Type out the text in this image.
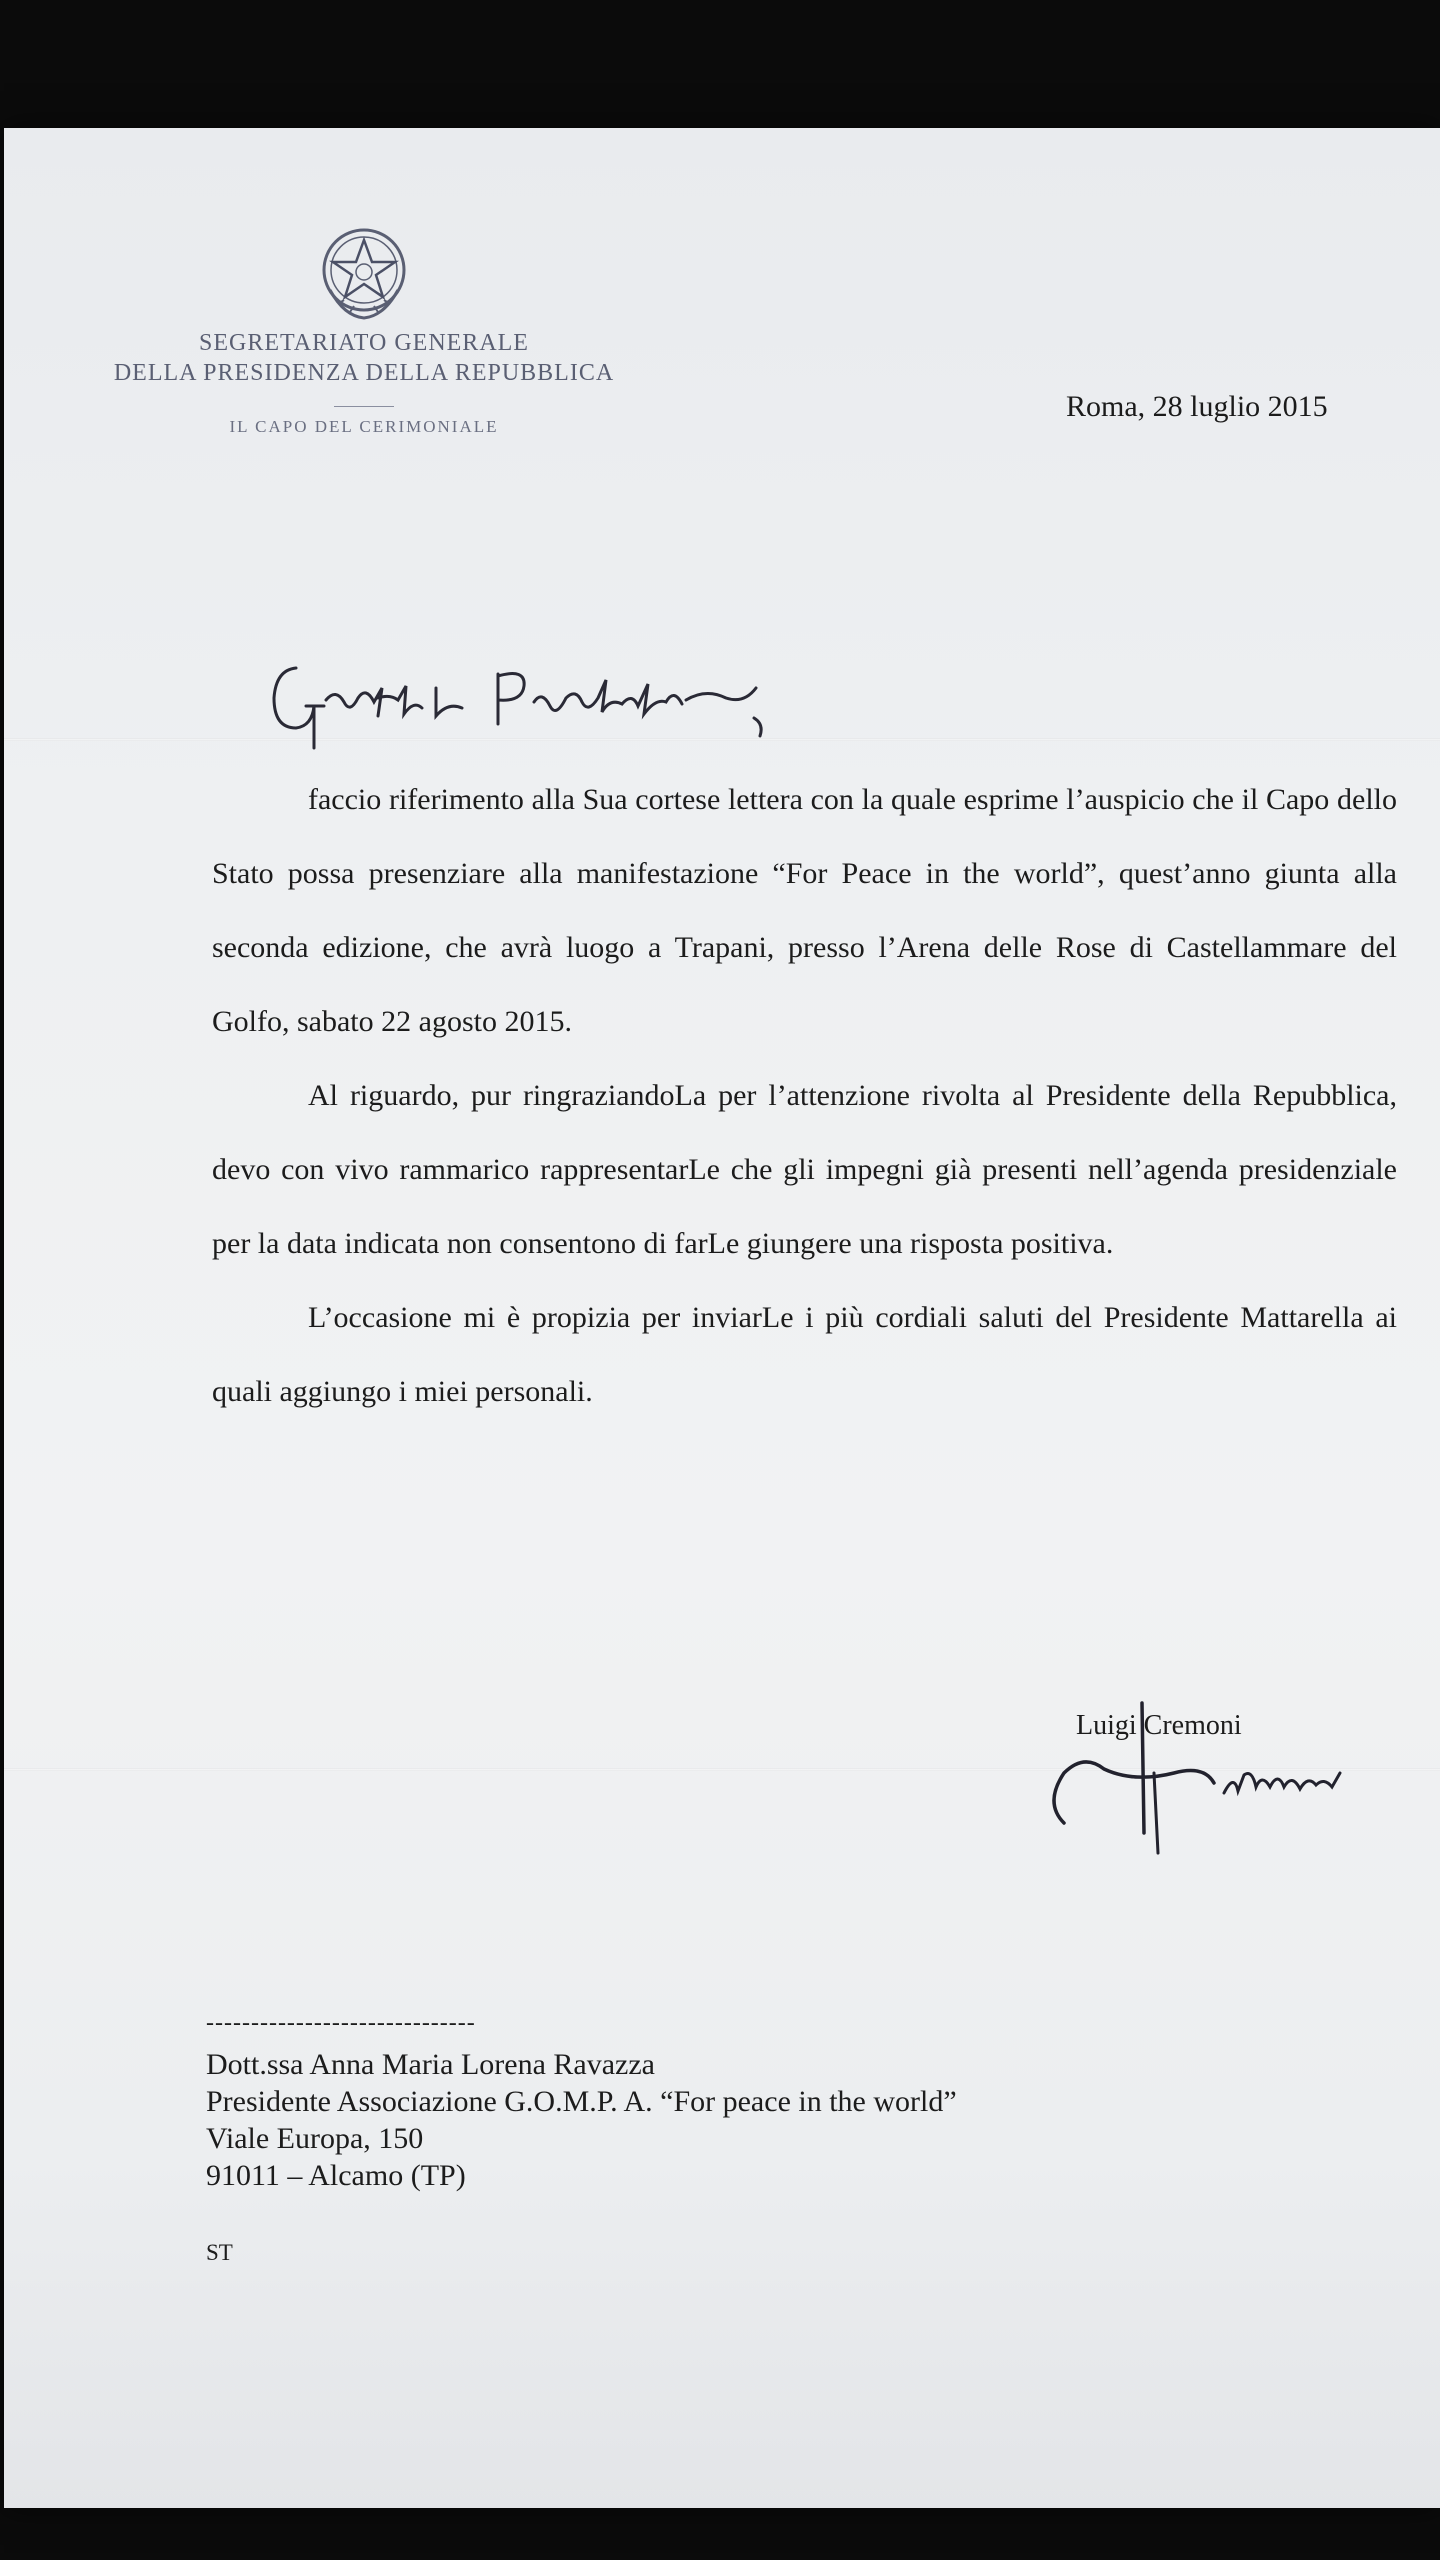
SEGRETARIATO GENERALE
DELLA PRESIDENZA DELLA REPUBBLICA
IL CAPO DEL CERIMONIALE
Roma, 28 luglio 2015
Gentile Presidente,

faccio riferimento alla Sua cortese lettera con la quale esprime l’auspicio che il Capo dello Stato possa presenziare alla manifestazione “For Peace in the world”, quest’anno giunta alla seconda edizione, che avrà luogo a Trapani, presso l’Arena delle Rose di Castellammare del Golfo, sabato 22 agosto 2015.

Al riguardo, pur ringraziandoLa per l’attenzione rivolta al Presidente della Repubblica, devo con vivo rammarico rappresentarLe che gli impegni già presenti nell’agenda presidenziale per la data indicata non consentono di farLe giungere una risposta positiva.

L’occasione mi è propizia per inviarLe i più cordiali saluti del Presidente Mattarella ai quali aggiungo i miei personali.

Luigi Cremoni
------------------------------
Dott.ssa Anna Maria Lorena Ravazza
Presidente Associazione G.O.M.P. A. “For peace in the world”
Viale Europa, 150
91011 – Alcamo (TP)
ST
